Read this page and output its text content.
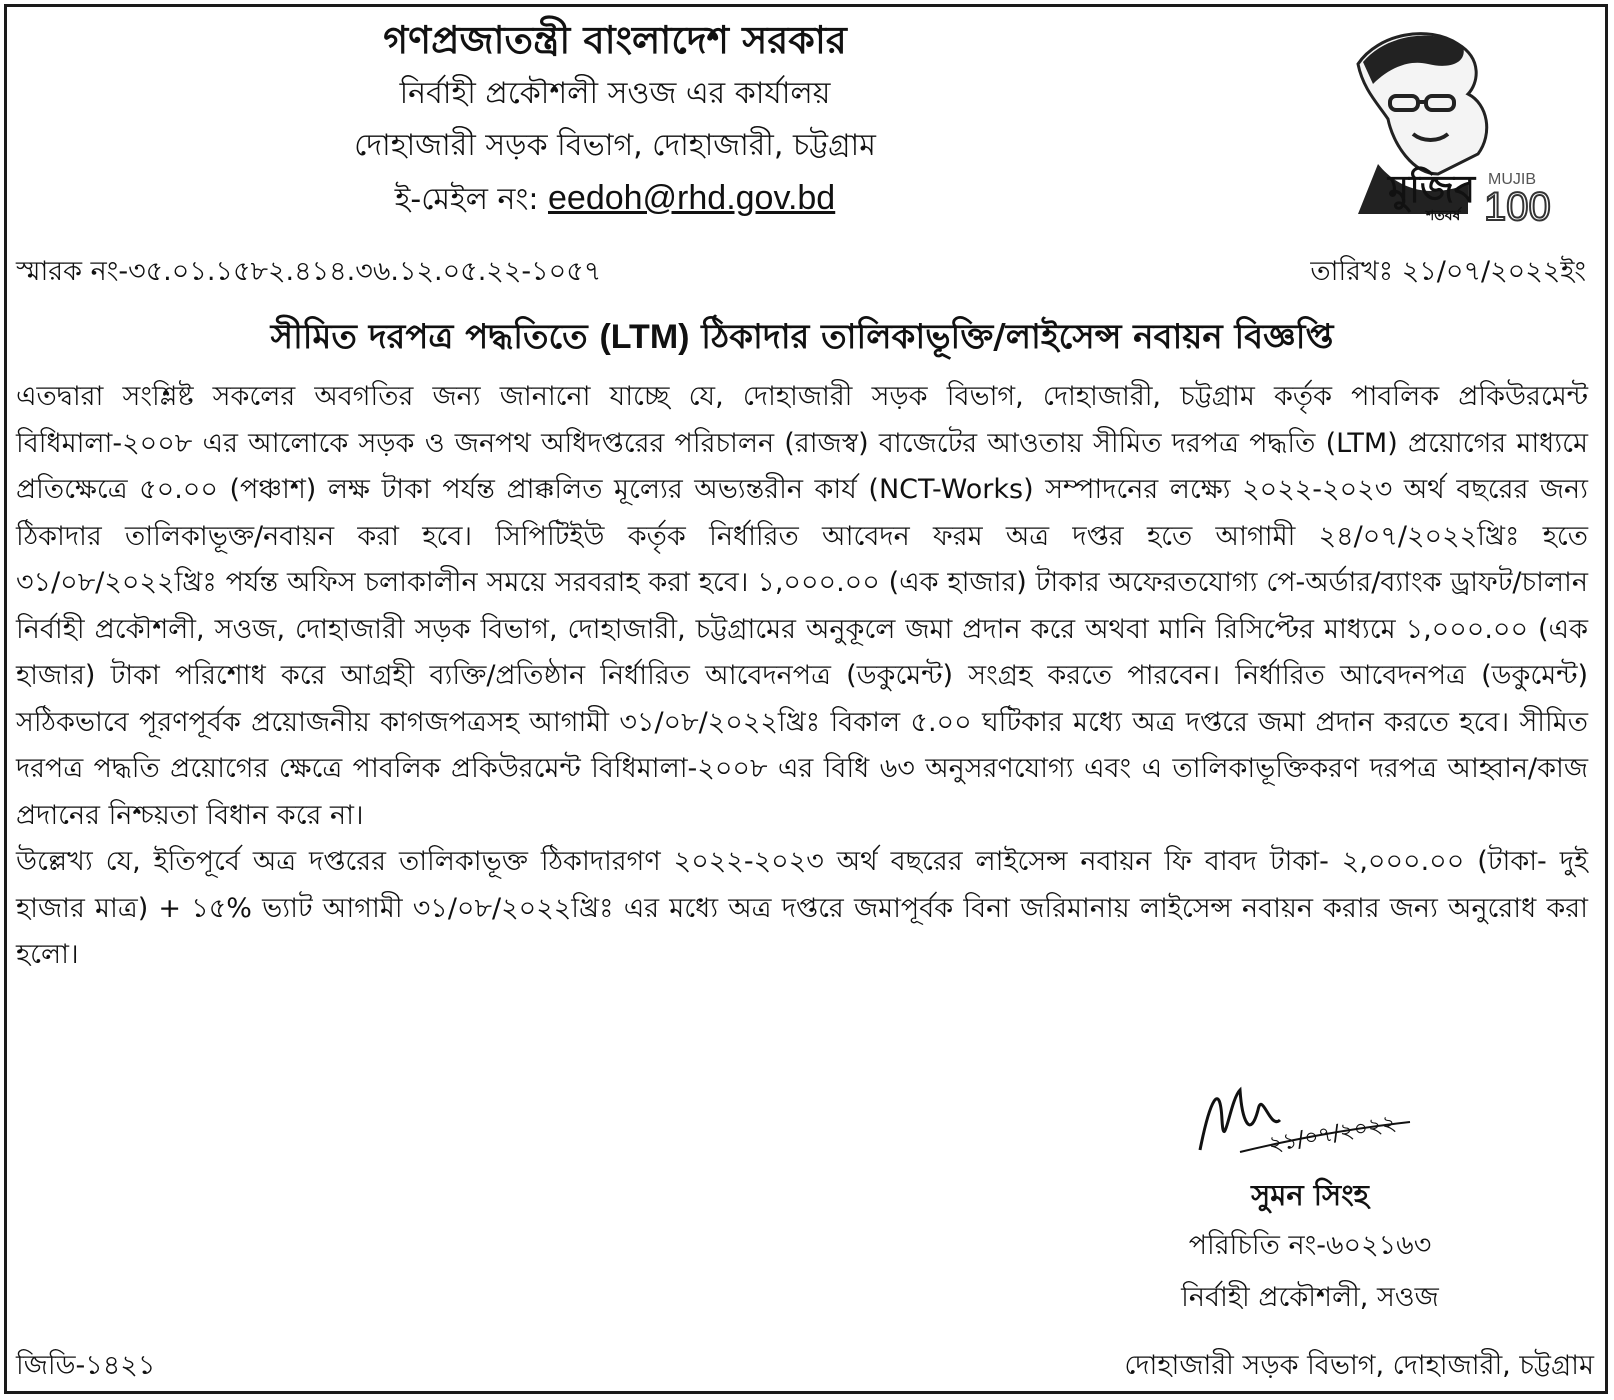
গণপ্রজাতন্ত্রী বাংলাদেশ সরকার
নির্বাহী প্রকৌশলী সওজ এর কার্যালয়
দোহাজারী সড়ক বিভাগ, দোহাজারী, চট্টগ্রাম
ই-মেইল নং: eedoh@rhd.gov.bd	মুজিব
শতবর্ষ
MUJIB
100
স্মারক নং-৩৫.০১.১৫৮২.৪১৪.৩৬.১২.০৫.২২-১০৫৭	তারিখঃ ২১/০৭/২০২২ইং
সীমিত দরপত্র পদ্ধতিতে (LTM) ঠিকাদার তালিকাভূক্তি/লাইসেন্স নবায়ন বিজ্ঞপ্তি

এতদ্বারা সংশ্লিষ্ট সকলের অবগতির জন্য জানানো যাচ্ছে যে, দোহাজারী সড়ক বিভাগ, দোহাজারী, চট্টগ্রাম কর্তৃক পাবলিক প্রকিউরমেন্ট বিধিমালা-২০০৮ এর আলোকে সড়ক ও জনপথ অধিদপ্তরের পরিচালন (রাজস্ব) বাজেটের আওতায় সীমিত দরপত্র পদ্ধতি (LTM) প্রয়োগের মাধ্যমে প্রতিক্ষেত্রে ৫০.০০ (পঞ্চাশ) লক্ষ টাকা পর্যন্ত প্রাক্কলিত মূল্যের অভ্যন্তরীন কার্য (NCT-Works) সম্পাদনের লক্ষ্যে ২০২২-২০২৩ অর্থ বছরের জন্য ঠিকাদার তালিকাভূক্ত/নবায়ন করা হবে। সিপিটিইউ কর্তৃক নির্ধারিত আবেদন ফরম অত্র দপ্তর হতে আগামী ২৪/০৭/২০২২খ্রিঃ হতে ৩১/০৮/২০২২খ্রিঃ পর্যন্ত অফিস চলাকালীন সময়ে সরবরাহ করা হবে। ১,০০০.০০ (এক হাজার) টাকার অফেরতযোগ্য পে-অর্ডার/ব্যাংক ড্রাফট/চালান নির্বাহী প্রকৌশলী, সওজ, দোহাজারী সড়ক বিভাগ, দোহাজারী, চট্টগ্রামের অনুকূলে জমা প্রদান করে অথবা মানি রিসিপ্টের মাধ্যমে ১,০০০.০০ (এক হাজার) টাকা পরিশোধ করে আগ্রহী ব্যক্তি/প্রতিষ্ঠান নির্ধারিত আবেদনপত্র (ডকুমেন্ট) সংগ্রহ করতে পারবেন। নির্ধারিত আবেদনপত্র (ডকুমেন্ট) সঠিকভাবে পূরণপূর্বক প্রয়োজনীয় কাগজপত্রসহ আগামী ৩১/০৮/২০২২খ্রিঃ বিকাল ৫.০০ ঘটিকার মধ্যে অত্র দপ্তরে জমা প্রদান করতে হবে। সীমিত দরপত্র পদ্ধতি প্রয়োগের ক্ষেত্রে পাবলিক প্রকিউরমেন্ট বিধিমালা-২০০৮ এর বিধি ৬৩ অনুসরণযোগ্য এবং এ তালিকাভূক্তিকরণ দরপত্র আহ্বান/কাজ প্রদানের নিশ্চয়তা বিধান করে না।

উল্লেখ্য যে, ইতিপূর্বে অত্র দপ্তরের তালিকাভূক্ত ঠিকাদারগণ ২০২২-২০২৩ অর্থ বছরের লাইসেন্স নবায়ন ফি বাবদ টাকা- ২,০০০.০০ (টাকা- দুই হাজার মাত্র) + ১৫% ভ্যাট আগামী ৩১/০৮/২০২২খ্রিঃ এর মধ্যে অত্র দপ্তরে জমাপূর্বক বিনা জরিমানায় লাইসেন্স নবায়ন করার জন্য অনুরোধ করা হলো।

২১/০৭/২০২২
সুমন সিংহ
পরিচিতি নং-৬০২১৬৩
নির্বাহী প্রকৌশলী, সওজ
জিডি-১৪২১	দোহাজারী সড়ক বিভাগ, দোহাজারী, চট্টগ্রাম
